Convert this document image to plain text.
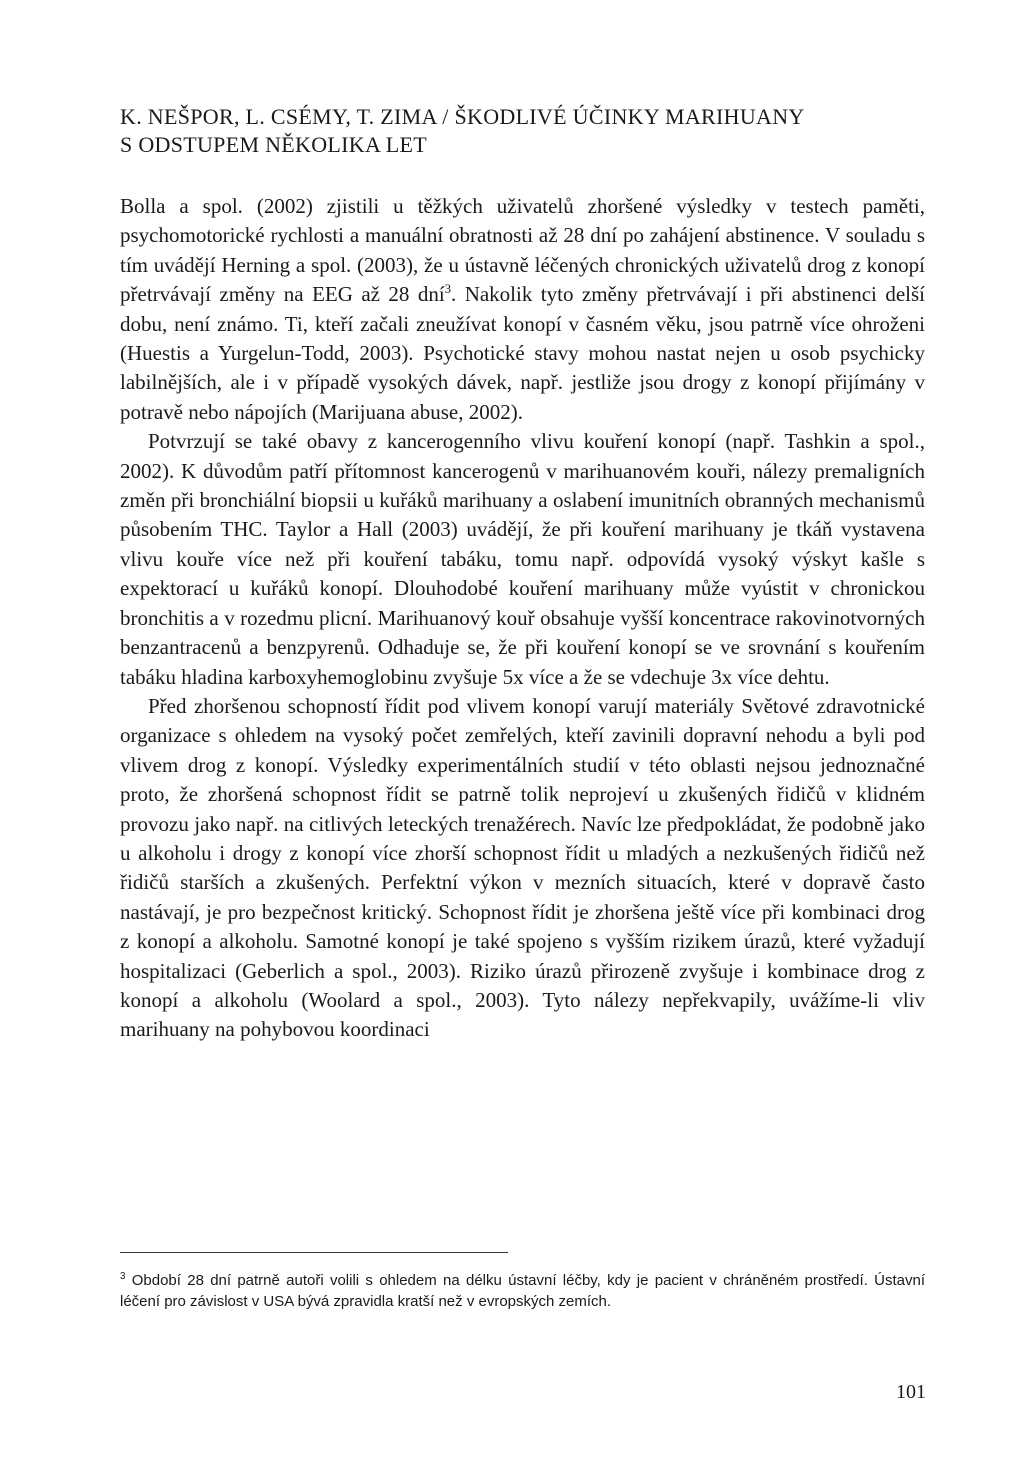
K. NEŠPOR, L. CSÉMY, T. ZIMA / ŠKODLIVÉ ÚČINKY MARIHUANY
S ODSTUPEM NĚKOLIKA LET

Bolla a spol. (2002) zjistili u těžkých uživatelů zhoršené výsledky v testech paměti, psychomotorické rychlosti a manuální obratnosti až 28 dní po zahájení abstinence. V souladu s tím uvádějí Herning a spol. (2003), že u ústavně léčených chronických uživatelů drog z konopí přetrvávají změny na EEG až 28 dní$^3$. Nakolik tyto změny přetrvávají i při abstinenci delší dobu, není známo. Ti, kteří začali zneužívat konopí v časném věku, jsou patrně více ohroženi (Huestis a Yurgelun-Todd, 2003). Psychotické stavy mohou nastat nejen u osob psychicky labilnějších, ale i v případě vysokých dávek, např. jestliže jsou drogy z konopí přijímány v potravě nebo nápojích (Marijuana abuse, 2002).

Potvrzují se také obavy z kancerogenního vlivu kouření konopí (např. Tashkin a spol., 2002). K důvodům patří přítomnost kancerogenů v marihuanovém kouři, nálezy premaligních změn při bronchiální biopsii u kuřáků marihuany a oslabení imunitních obranných mechanismů působením THC. Taylor a Hall (2003) uvádějí, že při kouření marihuany je tkáň vystavena vlivu kouře více než při kouření tabáku, tomu např. odpovídá vysoký výskyt kašle s expektorací u kuřáků konopí. Dlouhodobé kouření marihuany může vyústit v chronickou bronchitis a v rozedmu plicní. Marihuanový kouř obsahuje vyšší koncentrace rakovinotvorných benzantracenů a benzpyrenů. Odhaduje se, že při kouření konopí se ve srovnání s kouřením tabáku hladina karboxyhemoglobinu zvyšuje 5x více a že se vdechuje 3x více dehtu.

Před zhoršenou schopností řídit pod vlivem konopí varují materiály Světové zdravotnické organizace s ohledem na vysoký počet zemřelých, kteří zavinili dopravní nehodu a byli pod vlivem drog z konopí. Výsledky experimentálních studií v této oblasti nejsou jednoznačné proto, že zhoršená schopnost řídit se patrně tolik neprojeví u zkušených řidičů v klidném provozu jako např. na citlivých leteckých trenažérech. Navíc lze předpokládat, že podobně jako u alkoholu i drogy z konopí více zhorší schopnost řídit u mladých a nezkušených řidičů než řidičů starších a zkušených. Perfektní výkon v mezních situacích, které v dopravě často nastávají, je pro bezpečnost kritický. Schopnost řídit je zhoršena ještě více při kombinaci drog z konopí a alkoholu. Samotné konopí je také spojeno s vyšším rizikem úrazů, které vyžadují hospitalizaci (Geberlich a spol., 2003). Riziko úrazů přirozeně zvyšuje i kombinace drog z konopí a alkoholu (Woolard a spol., 2003). Tyto nálezy nepřekvapily, uvážíme-li vliv marihuany na pohybovou koordinaci

$^3$ Období 28 dní patrně autoři volili s ohledem na délku ústavní léčby, kdy je pacient v chráněném prostředí. Ústavní léčení pro závislost v USA bývá zpravidla kratší než v evropských zemích.
101
